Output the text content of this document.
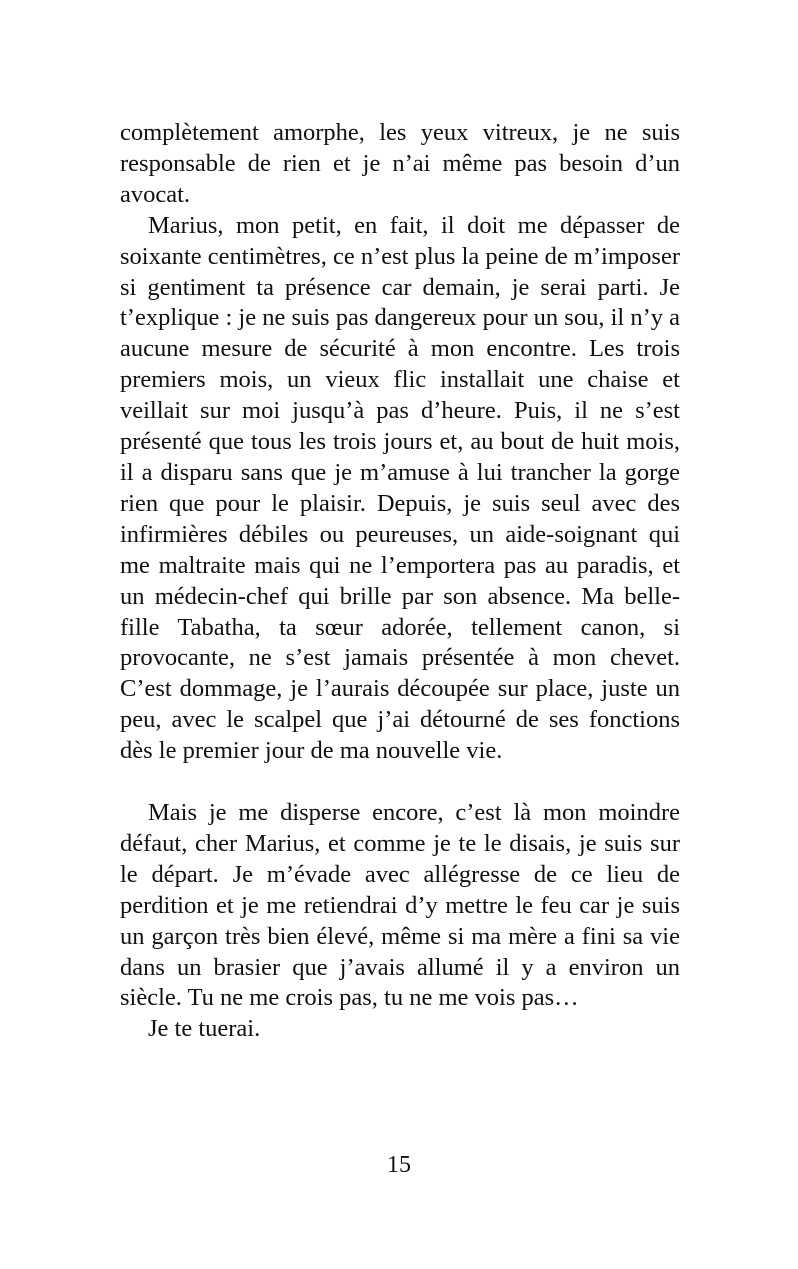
complètement amorphe, les yeux vitreux, je ne suis responsable de rien et je n’ai même pas besoin d’un avocat.

Marius, mon petit, en fait, il doit me dépasser de soixante centimètres, ce n’est plus la peine de m’imposer si gentiment ta présence car demain, je serai parti. Je t’explique : je ne suis pas dangereux pour un sou, il n’y a aucune mesure de sécurité à mon encontre. Les trois premiers mois, un vieux flic installait une chaise et veillait sur moi jusqu’à pas d’heure. Puis, il ne s’est présenté que tous les trois jours et, au bout de huit mois, il a disparu sans que je m’amuse à lui trancher la gorge rien que pour le plaisir. Depuis, je suis seul avec des infirmières débiles ou peureuses, un aide-soignant qui me maltraite mais qui ne l’emportera pas au paradis, et un médecin-chef qui brille par son absence. Ma belle-fille Tabatha, ta sœur adorée, tellement canon, si provocante, ne s’est jamais présentée à mon chevet. C’est dommage, je l’aurais découpée sur place, juste un peu, avec le scalpel que j’ai détourné de ses fonctions dès le premier jour de ma nouvelle vie.

Mais je me disperse encore, c’est là mon moindre défaut, cher Marius, et comme je te le disais, je suis sur le départ. Je m’évade avec allégresse de ce lieu de perdition et je me retiendrai d’y mettre le feu car je suis un garçon très bien élevé, même si ma mère a fini sa vie dans un brasier que j’avais allumé il y a environ un siècle. Tu ne me crois pas, tu ne me vois pas…

Je te tuerai.

15
